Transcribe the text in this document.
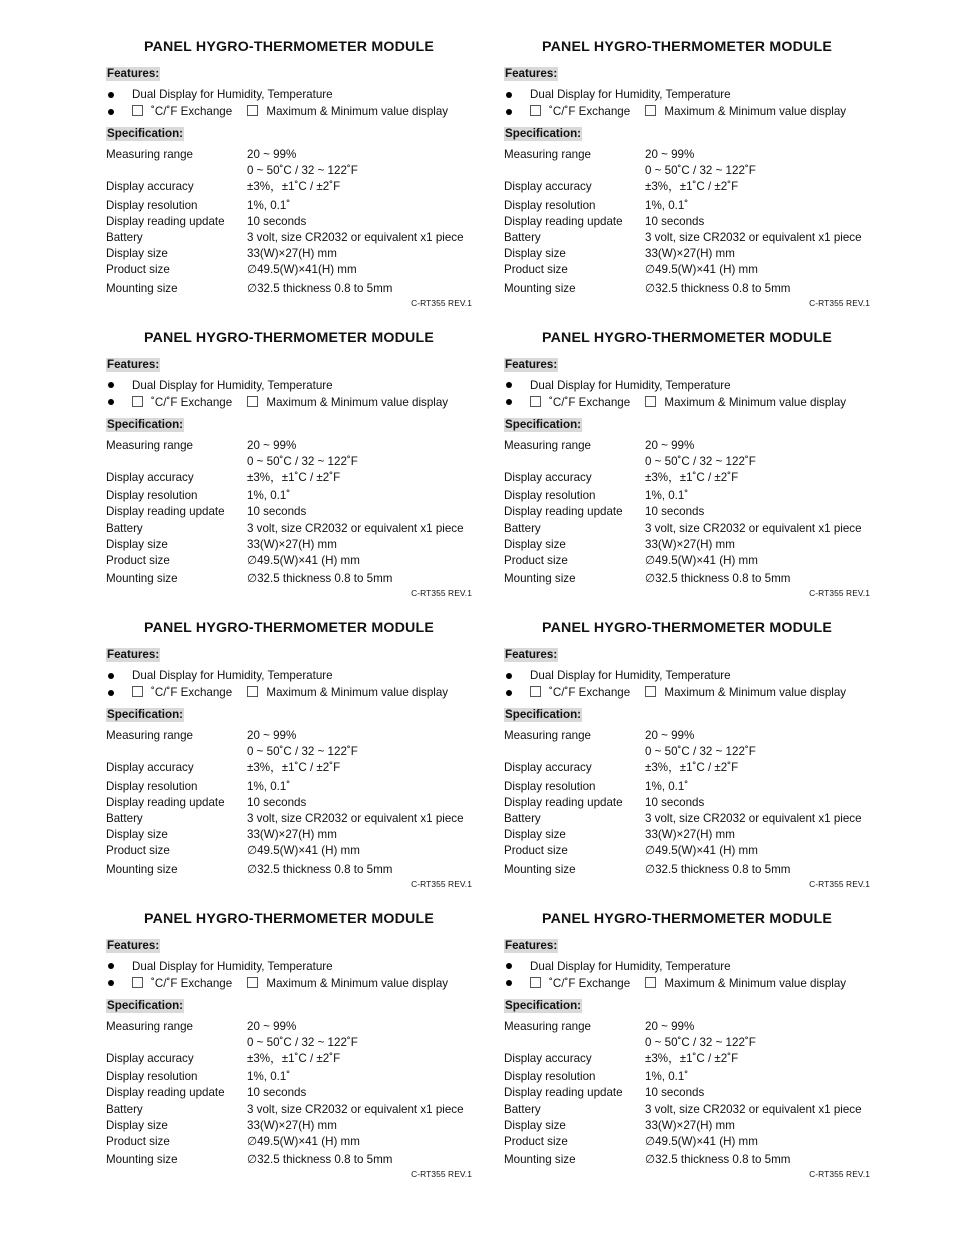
PANEL HYGRO-THERMOMETER MODULE
Features:
Dual Display for Humidity, Temperature
˚C/˚F Exchange	Maximum & Minimum value display
Specification:
Measuring range	20 ~ 99%
0 ~ 50˚C / 32 ~ 122˚F
Display accuracy	±3%，±1˚C / ±2˚F
Display resolution	1%, 0.1˚
Display reading update	10 seconds
Battery	3 volt, size CR2032 or equivalent x1 piece
Display size	33(W)×27(H) mm
Product size	∅49.5(W)×41(H) mm
Mounting size	∅32.5 thickness 0.8 to 5mm
C-RT355 REV.1
PANEL HYGRO-THERMOMETER MODULE
Features:
Dual Display for Humidity, Temperature
˚C/˚F Exchange	Maximum & Minimum value display
Specification:
Measuring range	20 ~ 99%
0 ~ 50˚C / 32 ~ 122˚F
Display accuracy	±3%，±1˚C / ±2˚F
Display resolution	1%, 0.1˚
Display reading update	10 seconds
Battery	3 volt, size CR2032 or equivalent x1 piece
Display size	33(W)×27(H) mm
Product size	∅49.5(W)×41 (H) mm
Mounting size	∅32.5 thickness 0.8 to 5mm
C-RT355 REV.1
PANEL HYGRO-THERMOMETER MODULE
Features:
Dual Display for Humidity, Temperature
˚C/˚F Exchange	Maximum & Minimum value display
Specification:
Measuring range	20 ~ 99%
0 ~ 50˚C / 32 ~ 122˚F
Display accuracy	±3%，±1˚C / ±2˚F
Display resolution	1%, 0.1˚
Display reading update	10 seconds
Battery	3 volt, size CR2032 or equivalent x1 piece
Display size	33(W)×27(H) mm
Product size	∅49.5(W)×41 (H) mm
Mounting size	∅32.5 thickness 0.8 to 5mm
C-RT355 REV.1
PANEL HYGRO-THERMOMETER MODULE
Features:
Dual Display for Humidity, Temperature
˚C/˚F Exchange	Maximum & Minimum value display
Specification:
Measuring range	20 ~ 99%
0 ~ 50˚C / 32 ~ 122˚F
Display accuracy	±3%，±1˚C / ±2˚F
Display resolution	1%, 0.1˚
Display reading update	10 seconds
Battery	3 volt, size CR2032 or equivalent x1 piece
Display size	33(W)×27(H) mm
Product size	∅49.5(W)×41 (H) mm
Mounting size	∅32.5 thickness 0.8 to 5mm
C-RT355 REV.1
PANEL HYGRO-THERMOMETER MODULE
Features:
Dual Display for Humidity, Temperature
˚C/˚F Exchange	Maximum & Minimum value display
Specification:
Measuring range	20 ~ 99%
0 ~ 50˚C / 32 ~ 122˚F
Display accuracy	±3%，±1˚C / ±2˚F
Display resolution	1%, 0.1˚
Display reading update	10 seconds
Battery	3 volt, size CR2032 or equivalent x1 piece
Display size	33(W)×27(H) mm
Product size	∅49.5(W)×41 (H) mm
Mounting size	∅32.5 thickness 0.8 to 5mm
C-RT355 REV.1
PANEL HYGRO-THERMOMETER MODULE
Features:
Dual Display for Humidity, Temperature
˚C/˚F Exchange	Maximum & Minimum value display
Specification:
Measuring range	20 ~ 99%
0 ~ 50˚C / 32 ~ 122˚F
Display accuracy	±3%，±1˚C / ±2˚F
Display resolution	1%, 0.1˚
Display reading update	10 seconds
Battery	3 volt, size CR2032 or equivalent x1 piece
Display size	33(W)×27(H) mm
Product size	∅49.5(W)×41 (H) mm
Mounting size	∅32.5 thickness 0.8 to 5mm
C-RT355 REV.1
PANEL HYGRO-THERMOMETER MODULE
Features:
Dual Display for Humidity, Temperature
˚C/˚F Exchange	Maximum & Minimum value display
Specification:
Measuring range	20 ~ 99%
0 ~ 50˚C / 32 ~ 122˚F
Display accuracy	±3%，±1˚C / ±2˚F
Display resolution	1%, 0.1˚
Display reading update	10 seconds
Battery	3 volt, size CR2032 or equivalent x1 piece
Display size	33(W)×27(H) mm
Product size	∅49.5(W)×41 (H) mm
Mounting size	∅32.5 thickness 0.8 to 5mm
C-RT355 REV.1
PANEL HYGRO-THERMOMETER MODULE
Features:
Dual Display for Humidity, Temperature
˚C/˚F Exchange	Maximum & Minimum value display
Specification:
Measuring range	20 ~ 99%
0 ~ 50˚C / 32 ~ 122˚F
Display accuracy	±3%，±1˚C / ±2˚F
Display resolution	1%, 0.1˚
Display reading update	10 seconds
Battery	3 volt, size CR2032 or equivalent x1 piece
Display size	33(W)×27(H) mm
Product size	∅49.5(W)×41 (H) mm
Mounting size	∅32.5 thickness 0.8 to 5mm
C-RT355 REV.1
